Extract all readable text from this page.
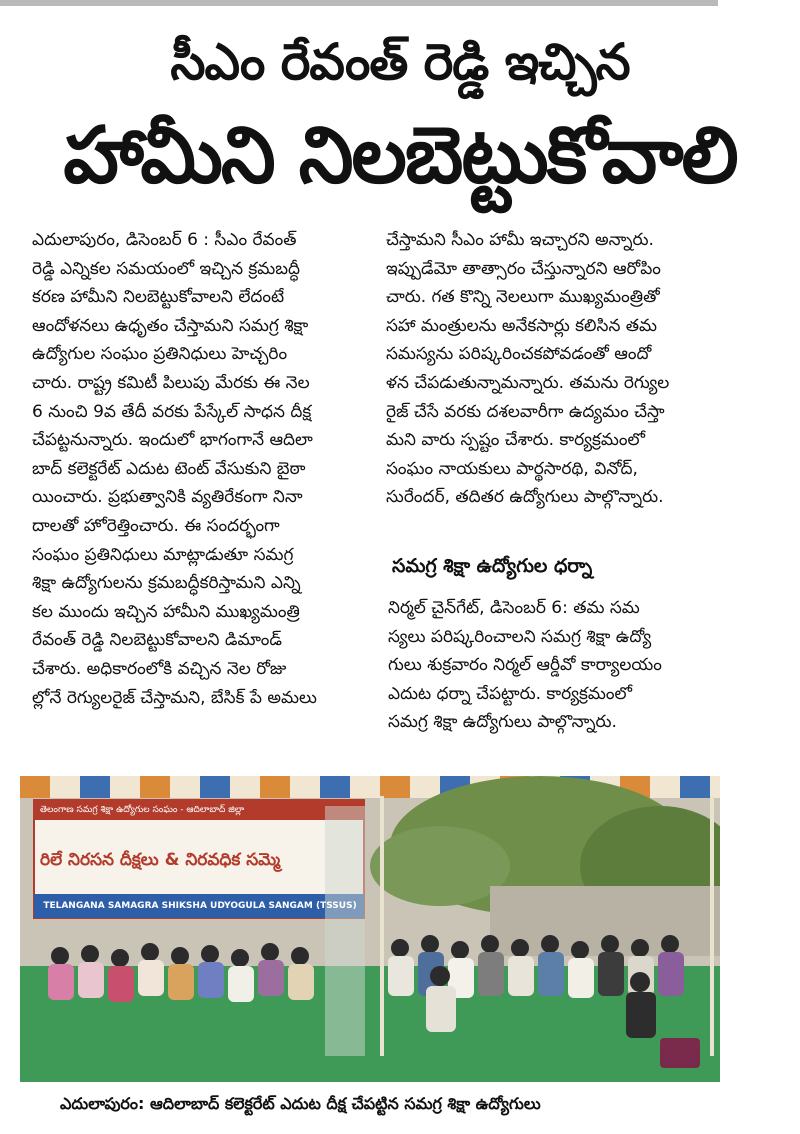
సీఎం రేవంత్ రెడ్డి ఇచ్చిన
హామీని నిలబెట్టుకోవాలి
ఎదులాపురం, డిసెంబర్ 6 : సీఎం రేవంత్
రెడ్డి ఎన్నికల సమయంలో ఇచ్చిన క్రమబద్ధీ
కరణ హామీని నిలబెట్టుకోవాలని లేదంటే
ఆందోళనలు ఉధృతం చేస్తామని సమగ్ర శిక్షా
ఉద్యోగుల సంఘం ప్రతినిధులు హెచ్చరిం
చారు. రాష్ట్ర కమిటీ పిలుపు మేరకు ఈ నెల
6 నుంచి 9వ తేదీ వరకు పేస్కేల్ సాధన దీక్ష
చేపట్టనున్నారు. ఇందులో భాగంగానే ఆదిలా
బాద్ కలెక్టరేట్ ఎదుట టెంట్ వేసుకుని బైఠా
యించారు. ప్రభుత్వానికి వ్యతిరేకంగా నినా
దాలతో హోరెత్తించారు. ఈ సందర్భంగా
సంఘం ప్రతినిధులు మాట్లాడుతూ సమగ్ర
శిక్షా ఉద్యోగులను క్రమబద్ధీకరిస్తామని ఎన్ని
కల ముందు ఇచ్చిన హామీని ముఖ్యమంత్రి
రేవంత్ రెడ్డి నిలబెట్టుకోవాలని డిమాండ్
చేశారు. అధికారంలోకి వచ్చిన నెల రోజు
ల్లోనే రెగ్యులరైజ్ చేస్తామని, బేసిక్ పే అమలు
చేస్తామని సీఎం హామీ ఇచ్చారని అన్నారు.
ఇప్పుడేమో తాత్సారం చేస్తున్నారని ఆరోపిం
చారు. గత కొన్ని నెలలుగా ముఖ్యమంత్రితో
సహా మంత్రులను అనేకసార్లు కలిసిన తమ
సమస్యను పరిష్కరించకపోవడంతో ఆందో
ళన చేపడుతున్నామన్నారు. తమను రెగ్యుల
రైజ్ చేసే వరకు దశలవారీగా ఉద్యమం చేస్తా
మని వారు స్పష్టం చేశారు. కార్యక్రమంలో
సంఘం నాయకులు పార్థసారథి, వినోద్,
సురేందర్, తదితర ఉద్యోగులు పాల్గొన్నారు.
సమగ్ర శిక్షా ఉద్యోగుల ధర్నా
నిర్మల్ చైన్‌గేట్, డిసెంబర్ 6: తమ సమ
స్యలు పరిష్కరించాలని సమగ్ర శిక్షా ఉద్యో
గులు శుక్రవారం నిర్మల్ ఆర్డీవో కార్యాలయం
ఎదుట ధర్నా చేపట్టారు. కార్యక్రమంలో
సమగ్ర శిక్షా ఉద్యోగులు పాల్గొన్నారు.
తెలంగాణ సమగ్ర శిక్షా ఉద్యోగుల సంఘం - ఆదిలాబాద్ జిల్లా
రిలే నిరసన దీక్షలు & నిరవధిక సమ్మె
TELANGANA SAMAGRA SHIKSHA UDYOGULA SANGAM (TSSUS)
ఎదులాపురం: ఆదిలాబాద్ కలెక్టరేట్ ఎదుట దీక్ష చేపట్టిన సమగ్ర శిక్షా ఉద్యోగులు
